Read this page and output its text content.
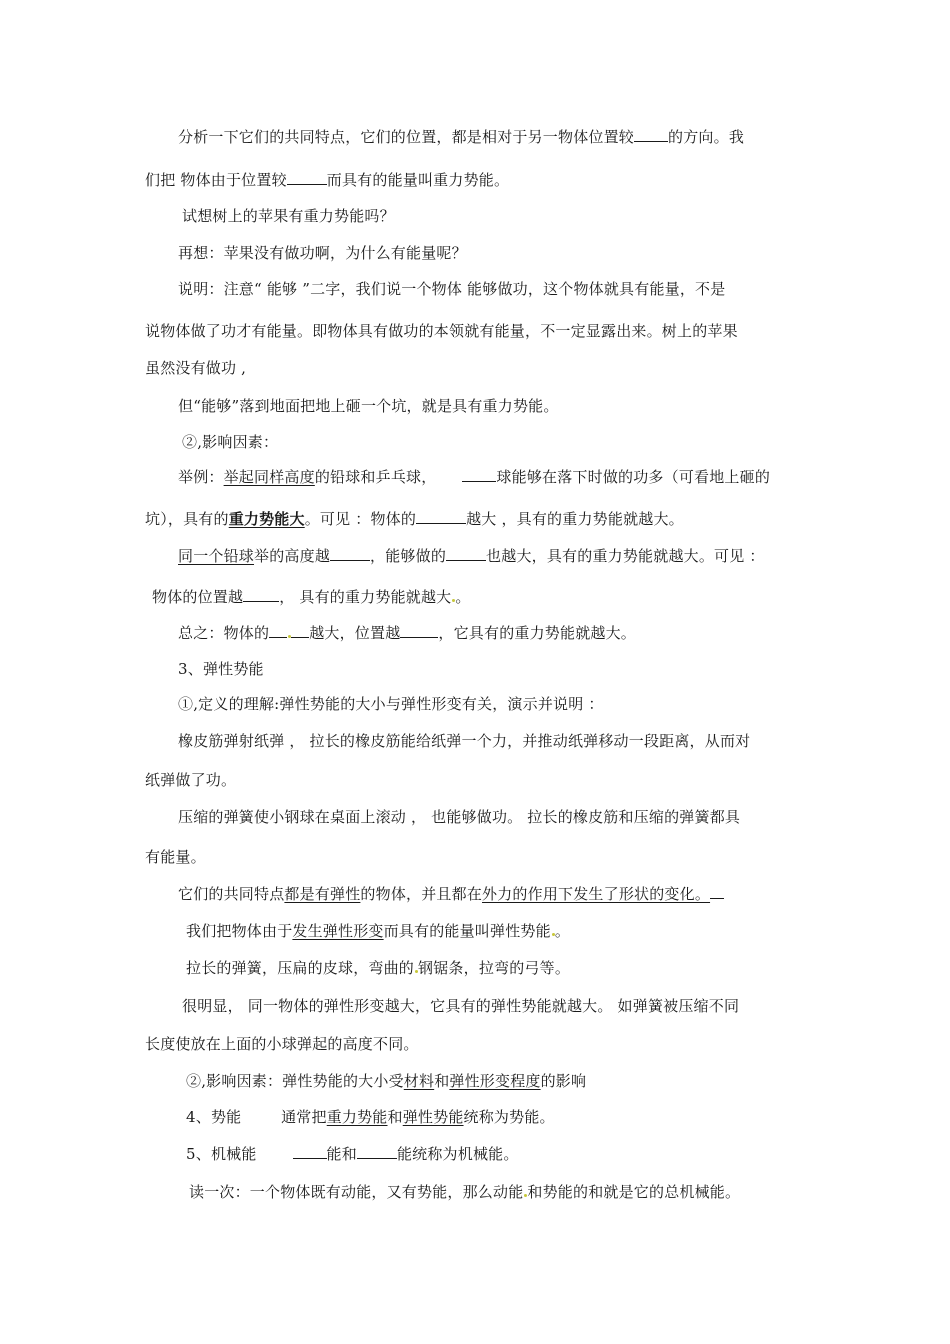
分析一下它们的共同特点，它们的位置，都是相对于另一物体位置较 的方向。我
们把 物体由于位置较	而具有的能量叫重力势能。
试想树上的苹果有重力势能吗？
再想：苹果没有做功啊，为什么有能量呢？
说明：注意“ 能够 ”二字，我们说一个物体 能够做功，这个物体就具有能量，不是
说物体做了功才有能量。即物体具有做功的本领就有能量，不一定显露出来。树上的苹果
虽然没有做功 ,
但“能够”落到地面把地上砸一个坑，就是具有重力势能。
②,影响因素：
举例：举起同样高度的铅球和乒乓球，	球能够在落下时做的功多（可看地上砸的
坑），具有的重力势能大。可见 ：物体的	越大 ，具有的重力势能就越大。
同一个铅球举的高度越	，能够做的	也越大，具有的重力势能就越大。可见 ：
物体的位置越 ， 具有的重力势能就越大 。
总之：物体的	越大，位置越	，它具有的重力势能就越大。
3、弹性势能
①,定义的理解:弹性势能的大小与弹性形变有关，演示并说明 ：
橡皮筋弹射纸弹 ， 拉长的橡皮筋能给纸弹一个力，并推动纸弹移动一段距离，从而对
纸弹做了功。
压缩的弹簧使小钢球在桌面上滚动 ， 也能够做功。 拉长的橡皮筋和压缩的弹簧都具
有能量。
它们的共同特点都是有弹性的物体，并且都在外力的作用下发生了形状的变化。
我们把物体由于发生弹性形变而具有的能量叫弹性势能 。
拉长的弹簧，压扁的皮球，弯曲的 钢锯条，拉弯的弓等。
很明显， 同一物体的弹性形变越大，它具有的弹性势能就越大。 如弹簧被压缩不同
长度使放在上面的小球弹起的高度不同。
②,影响因素：弹性势能的大小受材料和弹性形变程度的影响
4、势能        通常把重力势能和弹性势能统称为势能。
5、机械能	能和	能统称为机械能。
读一次：一个物体既有动能，又有势能，那么动能 和势能的和就是它的总机械能。
